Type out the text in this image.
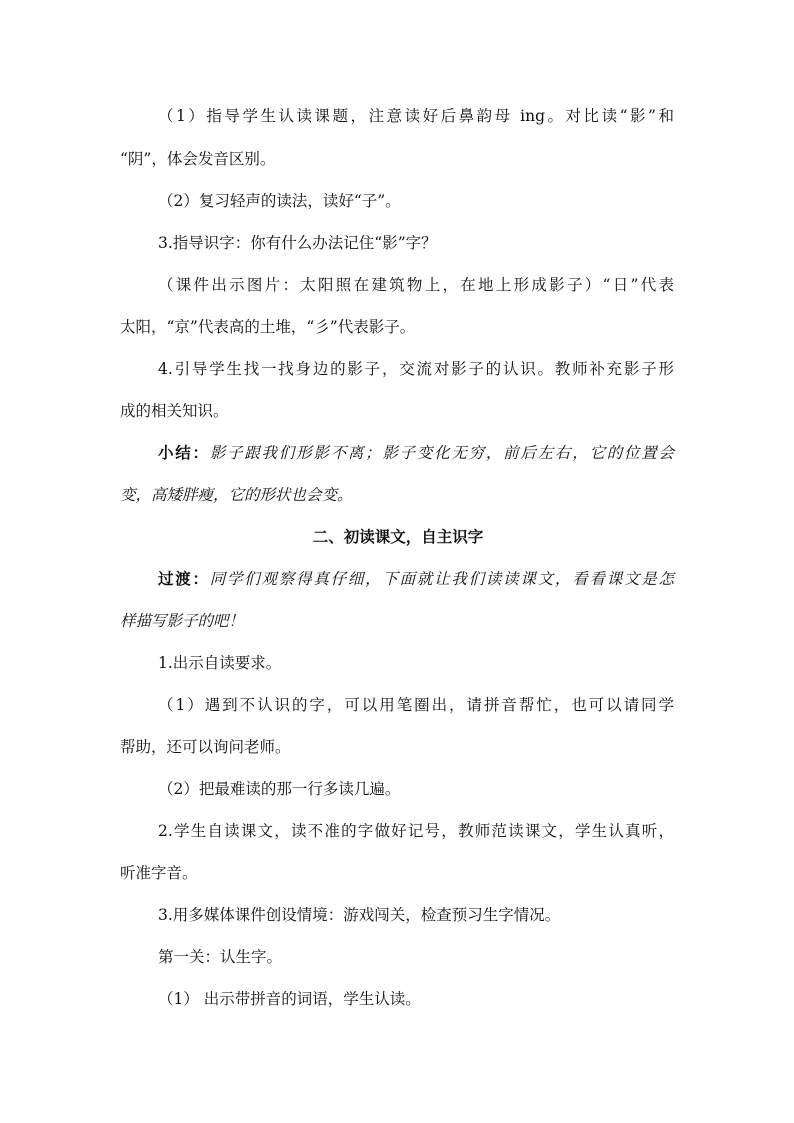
（1）指导学生认读课题，注意读好后鼻韵母 ing。对比读“影”和
“阴”，体会发音区别。
（2）复习轻声的读法，读好“子”。
3.指导识字：你有什么办法记住“影”字？
（课件出示图片：太阳照在建筑物上，在地上形成影子）“日”代表
太阳，“京”代表高的土堆，“彡”代表影子。
4.引导学生找一找身边的影子，交流对影子的认识。教师补充影子形
成的相关知识。
小结：影子跟我们形影不离；影子变化无穷，前后左右，它的位置会
变，高矮胖瘦，它的形状也会变。
二、初读课文，自主识字
过渡：同学们观察得真仔细，下面就让我们读读课文，看看课文是怎
样描写影子的吧！
1.出示自读要求。
（1）遇到不认识的字，可以用笔圈出，请拼音帮忙，也可以请同学
帮助，还可以询问老师。
（2）把最难读的那一行多读几遍。
2.学生自读课文，读不准的字做好记号，教师范读课文，学生认真听，
听准字音。
3.用多媒体课件创设情境：游戏闯关，检查预习生字情况。
第一关：认生字。
（1） 出示带拼音的词语，学生认读。
